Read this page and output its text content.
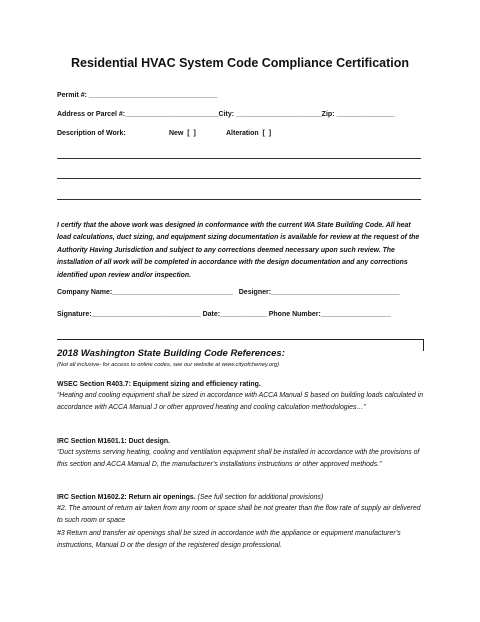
Residential HVAC System Code Compliance Certification
Permit #: _________________________________
Address or Parcel #:________________________City: ______________________Zip: _______________
Description of Work:	New  [  ]	Alteration  [  ]

I certify that the above work was designed in conformance with the current WA State Building Code. All heat load calculations, duct sizing, and equipment sizing documentation is available for review at the request of the Authority Having Jurisdiction and subject to any corrections deemed necessary upon such review. The installation of all work will be completed in accordance with the design documentation and any corrections identified upon review and/or inspection.

Company Name:_______________________________   Designer:_________________________________
Signature:____________________________ Date:____________ Phone Number:__________________
2018 Washington State Building Code References:
(Not all inclusive- for access to online codes, see our website at www.cityofcheney.org)
WSEC Section R403.7: Equipment sizing and efficiency rating.

“Heating and cooling equipment shall be sized in accordance with ACCA Manual S based on building loads calculated in accordance with ACCA Manual J or other approved heating and cooling calculation methodologies…”

IRC Section M1601.1: Duct design.

“Duct systems serving heating, cooling and ventilation equipment shall be installed in accordance with the provisions of this section and ACCA Manual D, the manufacturer’s installations instructions or other approved methods.”

IRC Section M1602.2: Return air openings. (See full section for additional provisions)

#2. The amount of return air taken from any room or space shall be not greater than the flow rate of supply air delivered to such room or space

#3 Return and transfer air openings shall be sized in accordance with the appliance or equipment manufacturer’s instructions, Manual D or the design of the registered design professional.
